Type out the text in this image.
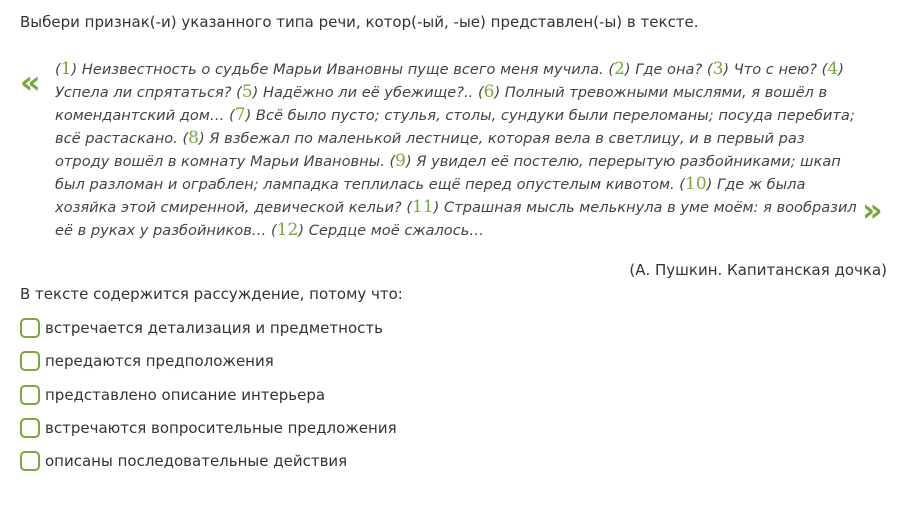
Выбери признак(-и) указанного типа речи, котор(-ый, -ые) представлен(-ы) в тексте.
« (1) Неизвестность о судьбе Марьи Ивановны пуще всего меня мучила. (2) Где она? (3) Что с нею? (4) Успела ли спрятаться? (5) Надёжно ли её убежище?.. (6) Полный тревожными мыслями, я вошёл в комендантский дом… (7) Всё было пусто; стулья, столы, сундуки были переломаны; посуда перебита; всё растаскано. (8) Я взбежал по маленькой лестнице, которая вела в светлицу, и в первый раз отроду вошёл в комнату Марьи Ивановны. (9) Я увидел её постелю, перерытую разбойниками; шкап был разломан и ограблен; лампадка теплилась ещё перед опустелым кивотом. (10) Где ж была хозяйка этой смиренной, девической кельи? (11) Страшная мысль мелькнула в уме моём: я вообразил её в руках у разбойников… (12) Сердце моё сжалось…
»
(А. Пушкин. Капитанская дочка)
В тексте содержится рассуждение, потому что:
встречается детализация и предметность
передаются предположения
представлено описание интерьера
встречаются вопросительные предложения
описаны последовательные действия
